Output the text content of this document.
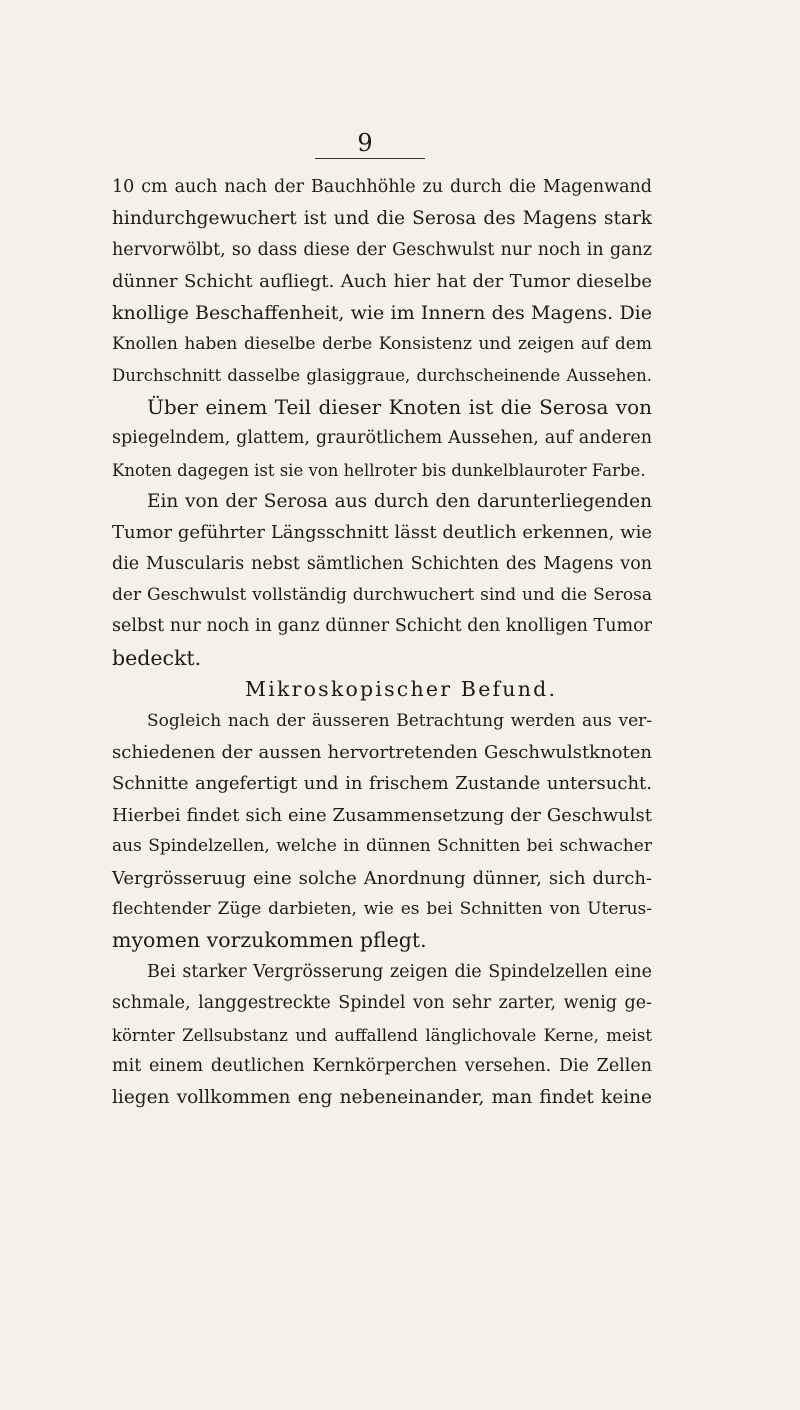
9
10 cm auch nach der Bauchhöhle zu durch die Magenwand
hindurchgewuchert ist und die Serosa des Magens stark
hervorwölbt, so dass diese der Geschwulst nur noch in ganz
dünner Schicht aufliegt. Auch hier hat der Tumor dieselbe
knollige Beschaffenheit, wie im Innern des Magens. Die
Knollen haben dieselbe derbe Konsistenz und zeigen auf dem
Durchschnitt dasselbe glasiggraue, durchscheinende Aussehen.
Über einem Teil dieser Knoten ist die Serosa von
spiegelndem, glattem, graurötlichem Aussehen, auf anderen
Knoten dagegen ist sie von hellroter bis dunkelblauroter Farbe.
Ein von der Serosa aus durch den darunterliegenden
Tumor geführter Längsschnitt lässt deutlich erkennen, wie
die Muscularis nebst sämtlichen Schichten des Magens von
der Geschwulst vollständig durchwuchert sind und die Serosa
selbst nur noch in ganz dünner Schicht den knolligen Tumor
bedeckt.
Mikroskopischer Befund.
Sogleich nach der äusseren Betrachtung werden aus ver-
schiedenen der aussen hervortretenden Geschwulstknoten
Schnitte angefertigt und in frischem Zustande untersucht.
Hierbei findet sich eine Zusammensetzung der Geschwulst
aus Spindelzellen, welche in dünnen Schnitten bei schwacher
Vergrösseruug eine solche Anordnung dünner, sich durch-
flechtender Züge darbieten, wie es bei Schnitten von Uterus-
myomen vorzukommen pflegt.
Bei starker Vergrösserung zeigen die Spindelzellen eine
schmale, langgestreckte Spindel von sehr zarter, wenig ge-
körnter Zellsubstanz und auffallend länglichovale Kerne, meist
mit einem deutlichen Kernkörperchen versehen. Die Zellen
liegen vollkommen eng nebeneinander, man findet keine
